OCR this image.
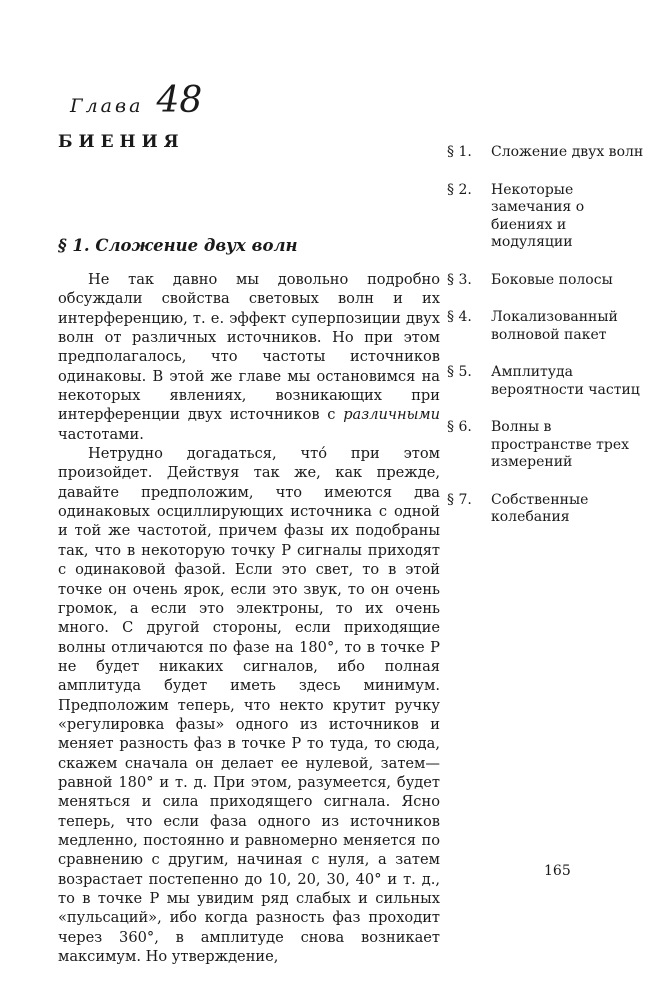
Глава 48
БИЕНИЯ
§ 1. Сложение двух волн

Не так давно мы довольно подробно обсуждали свойства световых волн и их интерференцию, т. е. эффект суперпозиции двух волн от различных источников. Но при этом предполагалось, что частоты источников одинаковы. В этой же главе мы остановимся на некоторых явлениях, возникающих при интерференции двух источников с различными частотами.

Нетрудно догадаться, что́ при этом произойдет. Действуя так же, как прежде, давайте предположим, что имеются два одинаковых осциллирующих источника с одной и той же частотой, причем фазы их подобраны так, что в некоторую точку P сигналы приходят с одинаковой фазой. Если это свет, то в этой точке он очень ярок, если это звук, то он очень громок, а если это электроны, то их очень много. С другой стороны, если приходящие волны отличаются по фазе на 180°, то в точке P не будет никаких сигналов, ибо полная амплитуда будет иметь здесь минимум. Предположим теперь, что некто крутит ручку «регулировка фазы» одного из источников и меняет разность фаз в точке P то туда, то сюда, скажем сначала он делает ее нулевой, затем—равной 180° и т. д. При этом, разумеется, будет меняться и сила приходящего сигнала. Ясно теперь, что если фаза одного из источников медленно, постоянно и равномерно меняется по сравнению с другим, начиная с нуля, а затем возрастает постепенно до 10, 20, 30, 40° и т. д., то в точке P мы увидим ряд слабых и сильных «пульсаций», ибо когда разность фаз проходит через 360°, в амплитуде снова возникает максимум. Но утверждение,

§ 1.	Сложение двух волн
§ 2.	Некоторые замечания о биениях и модуляции
§ 3.	Боковые полосы
§ 4.	Локализованный волновой пакет
§ 5.	Амплитуда вероятности частиц
§ 6.	Волны в пространстве трех измерений
§ 7.	Собственные колебания
165
